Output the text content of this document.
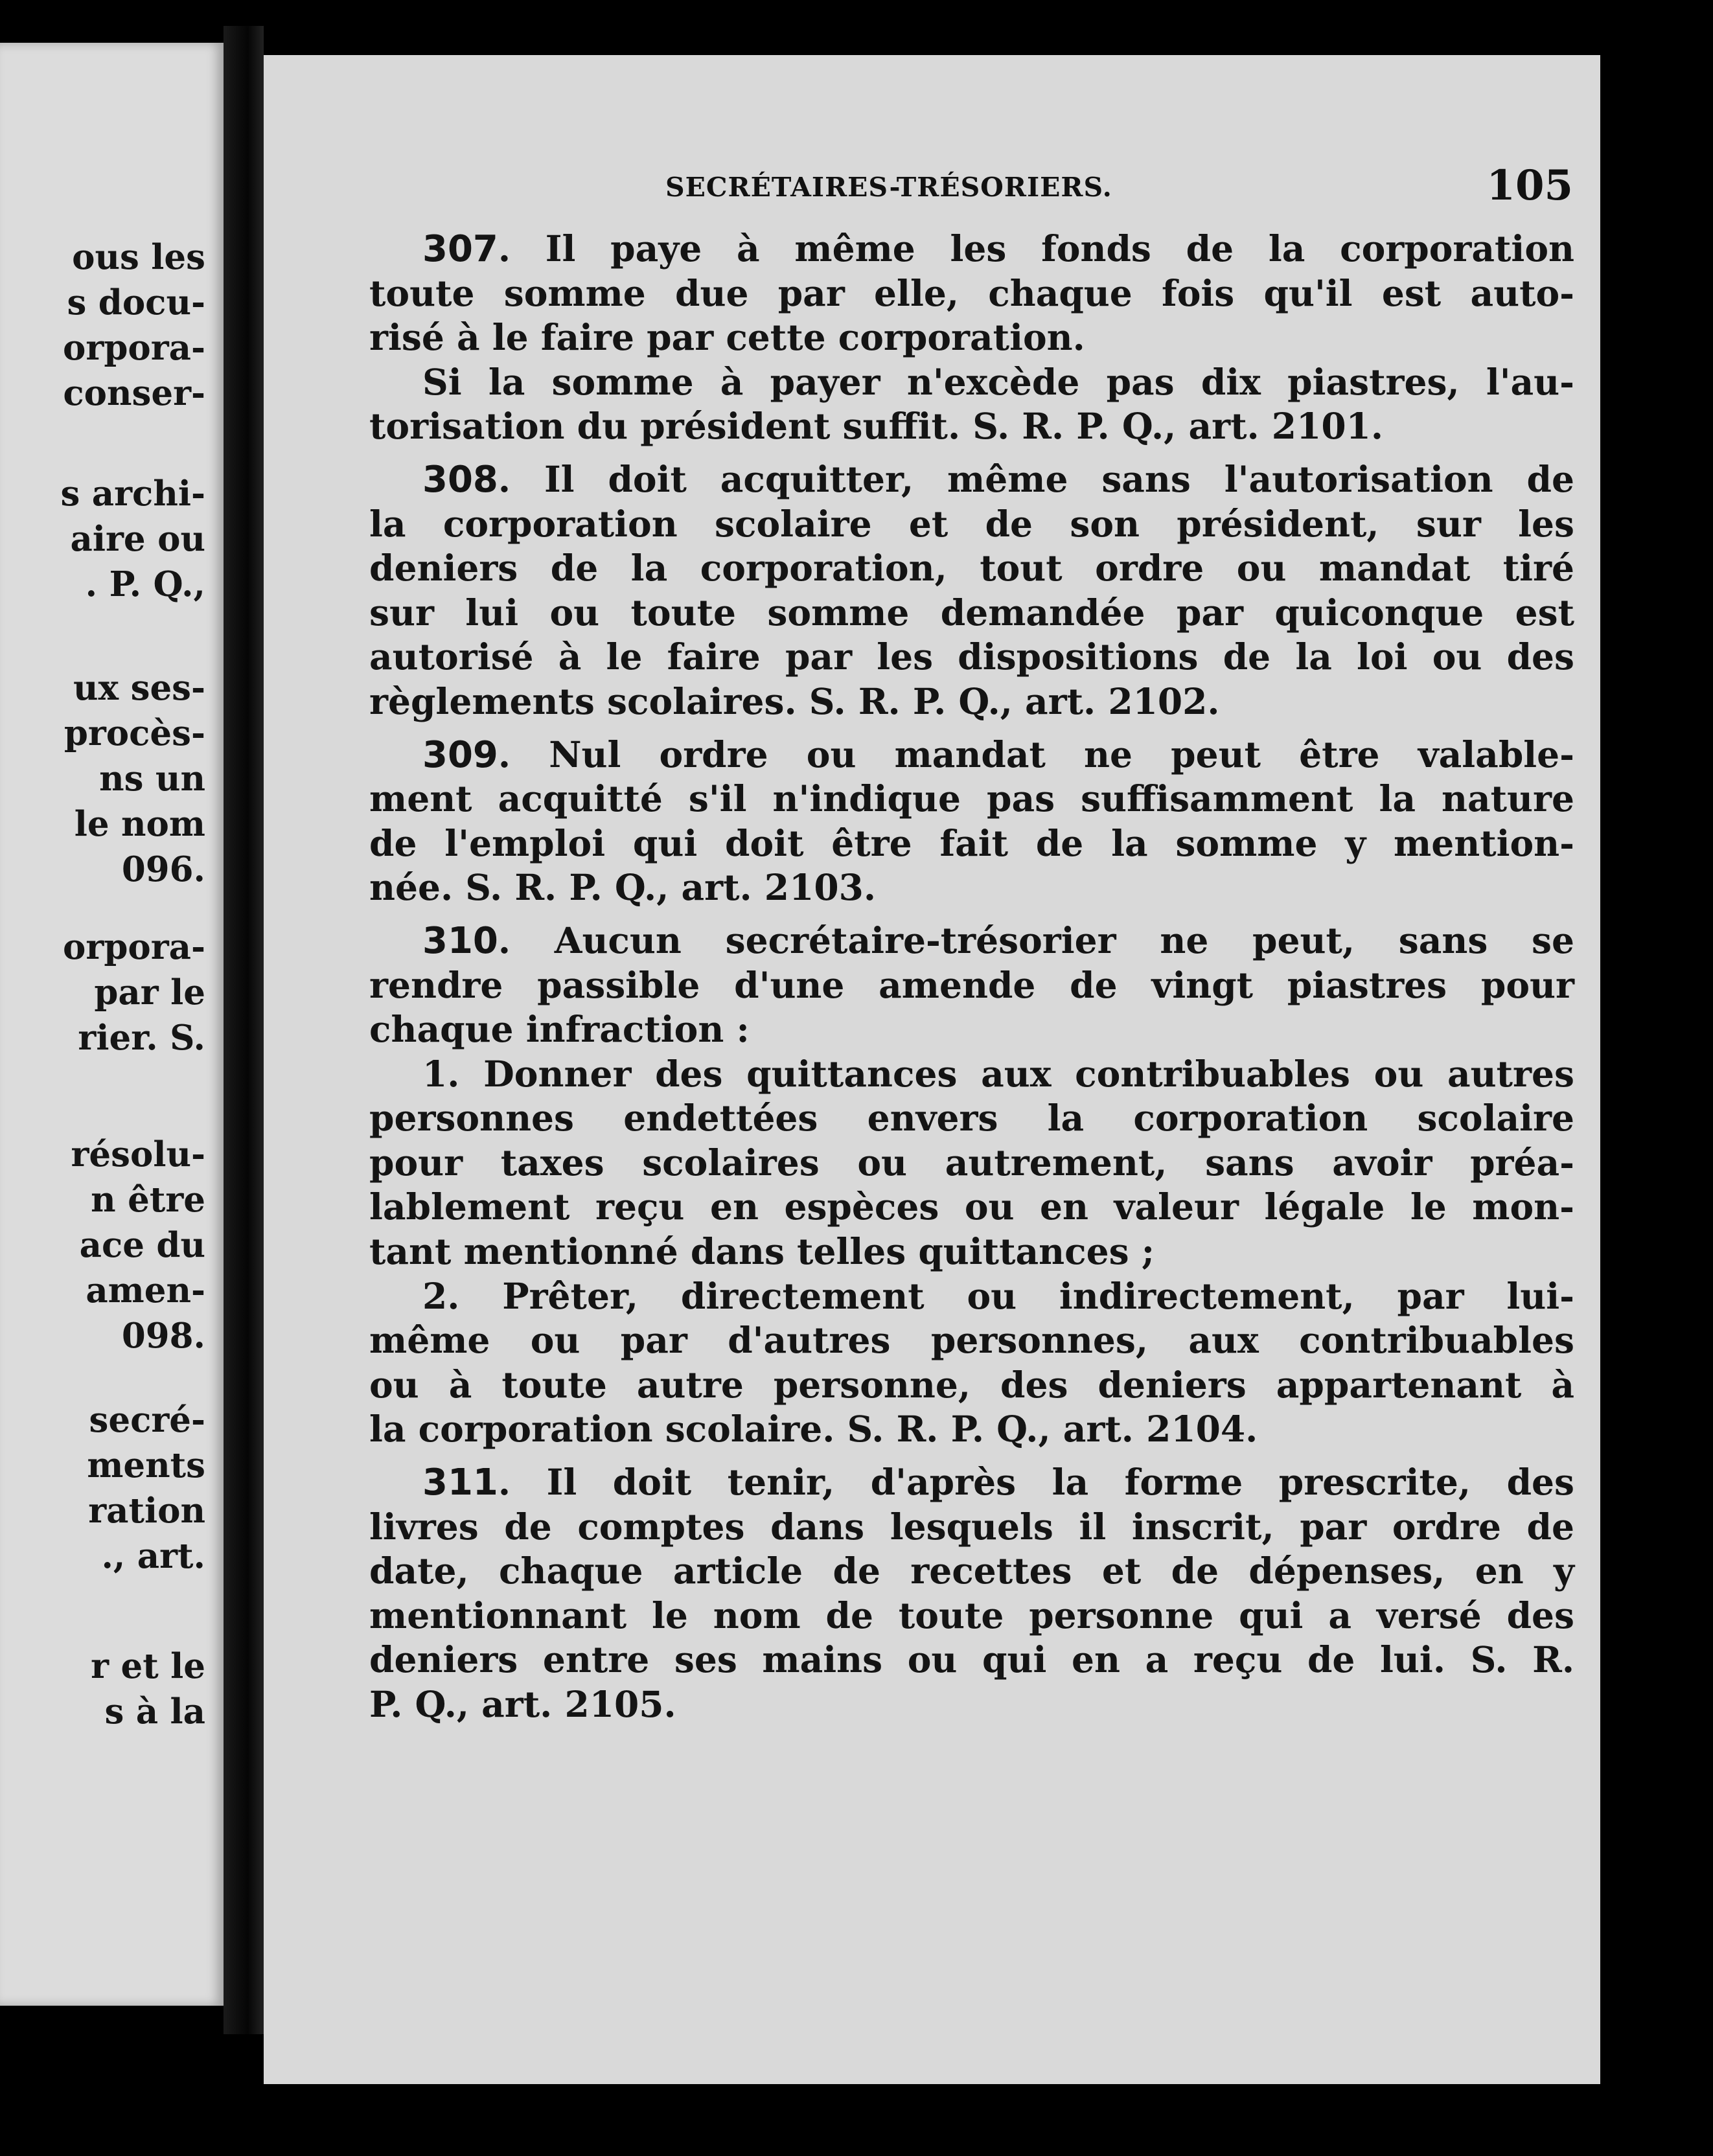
ous les
s docu-
orpora-
conser-
s archi-
aire ou
. P. Q.,
ux ses-
procès-
ns un
le nom
096.
orpora-
par le
rier. S.
résolu-
n être
ace du
amen-
098.
secré-
ments
ration
., art.
r et le
s à la
SECRÉTAIRES-TRÉSORIERS.	105
307. Il paye à même les fonds de la corporation
toute somme due par elle, chaque fois qu'il est auto-
risé à le faire par cette corporation.
Si la somme à payer n'excède pas dix piastres, l'au-
torisation du président suffit. S. R. P. Q., art. 2101.
308. Il doit acquitter, même sans l'autorisation de
la corporation scolaire et de son président, sur les
deniers de la corporation, tout ordre ou mandat tiré
sur lui ou toute somme demandée par quiconque est
autorisé à le faire par les dispositions de la loi ou des
règlements scolaires. S. R. P. Q., art. 2102.
309. Nul ordre ou mandat ne peut être valable-
ment acquitté s'il n'indique pas suffisamment la nature
de l'emploi qui doit être fait de la somme y mention-
née. S. R. P. Q., art. 2103.
310. Aucun secrétaire-trésorier ne peut, sans se
rendre passible d'une amende de vingt piastres pour
chaque infraction :
1. Donner des quittances aux contribuables ou autres
personnes endettées envers la corporation scolaire
pour taxes scolaires ou autrement, sans avoir préa-
lablement reçu en espèces ou en valeur légale le mon-
tant mentionné dans telles quittances ;
2. Prêter, directement ou indirectement, par lui-
même ou par d'autres personnes, aux contribuables
ou à toute autre personne, des deniers appartenant à
la corporation scolaire. S. R. P. Q., art. 2104.
311. Il doit tenir, d'après la forme prescrite, des
livres de comptes dans lesquels il inscrit, par ordre de
date, chaque article de recettes et de dépenses, en y
mentionnant le nom de toute personne qui a versé des
deniers entre ses mains ou qui en a reçu de lui. S. R.
P. Q., art. 2105.
